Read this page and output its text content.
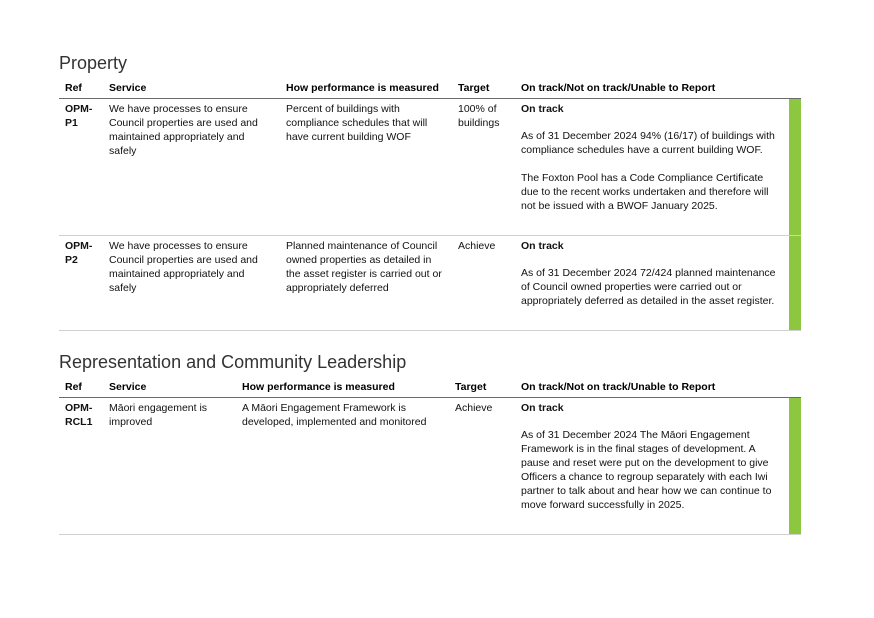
Property
Ref	Service	How performance is measured	Target	On track/Not on track/Unable to Report
OPM-P1	We have processes to ensure Council properties are used and maintained appropriately and safely	Percent of buildings with compliance schedules that will have current building WOF	100% of buildings	On track
As of 31 December 2024 94% (16/17) of buildings with compliance schedules have a current building WOF.
The Foxton Pool has a Code Compliance Certificate due to the recent works undertaken and therefore will not be issued with a BWOF January 2025.

OPM-P2	We have processes to ensure Council properties are used and maintained appropriately and safely	Planned maintenance of Council owned properties as detailed in the asset register is carried out or appropriately deferred	Achieve	On track
As of 31 December 2024 72/424 planned maintenance of Council owned properties were carried out or appropriately deferred as detailed in the asset register.
Representation and Community Leadership
Ref	Service	How performance is measured	Target	On track/Not on track/Unable to Report
OPM-RCL1	Māori engagement is improved	A Māori Engagement Framework is developed, implemented and monitored	Achieve	On track
As of 31 December 2024 The Māori Engagement Framework is in the final stages of development. A pause and reset were put on the development to give Officers a chance to regroup separately with each Iwi partner to talk about and hear how we can continue to move forward successfully in 2025.
